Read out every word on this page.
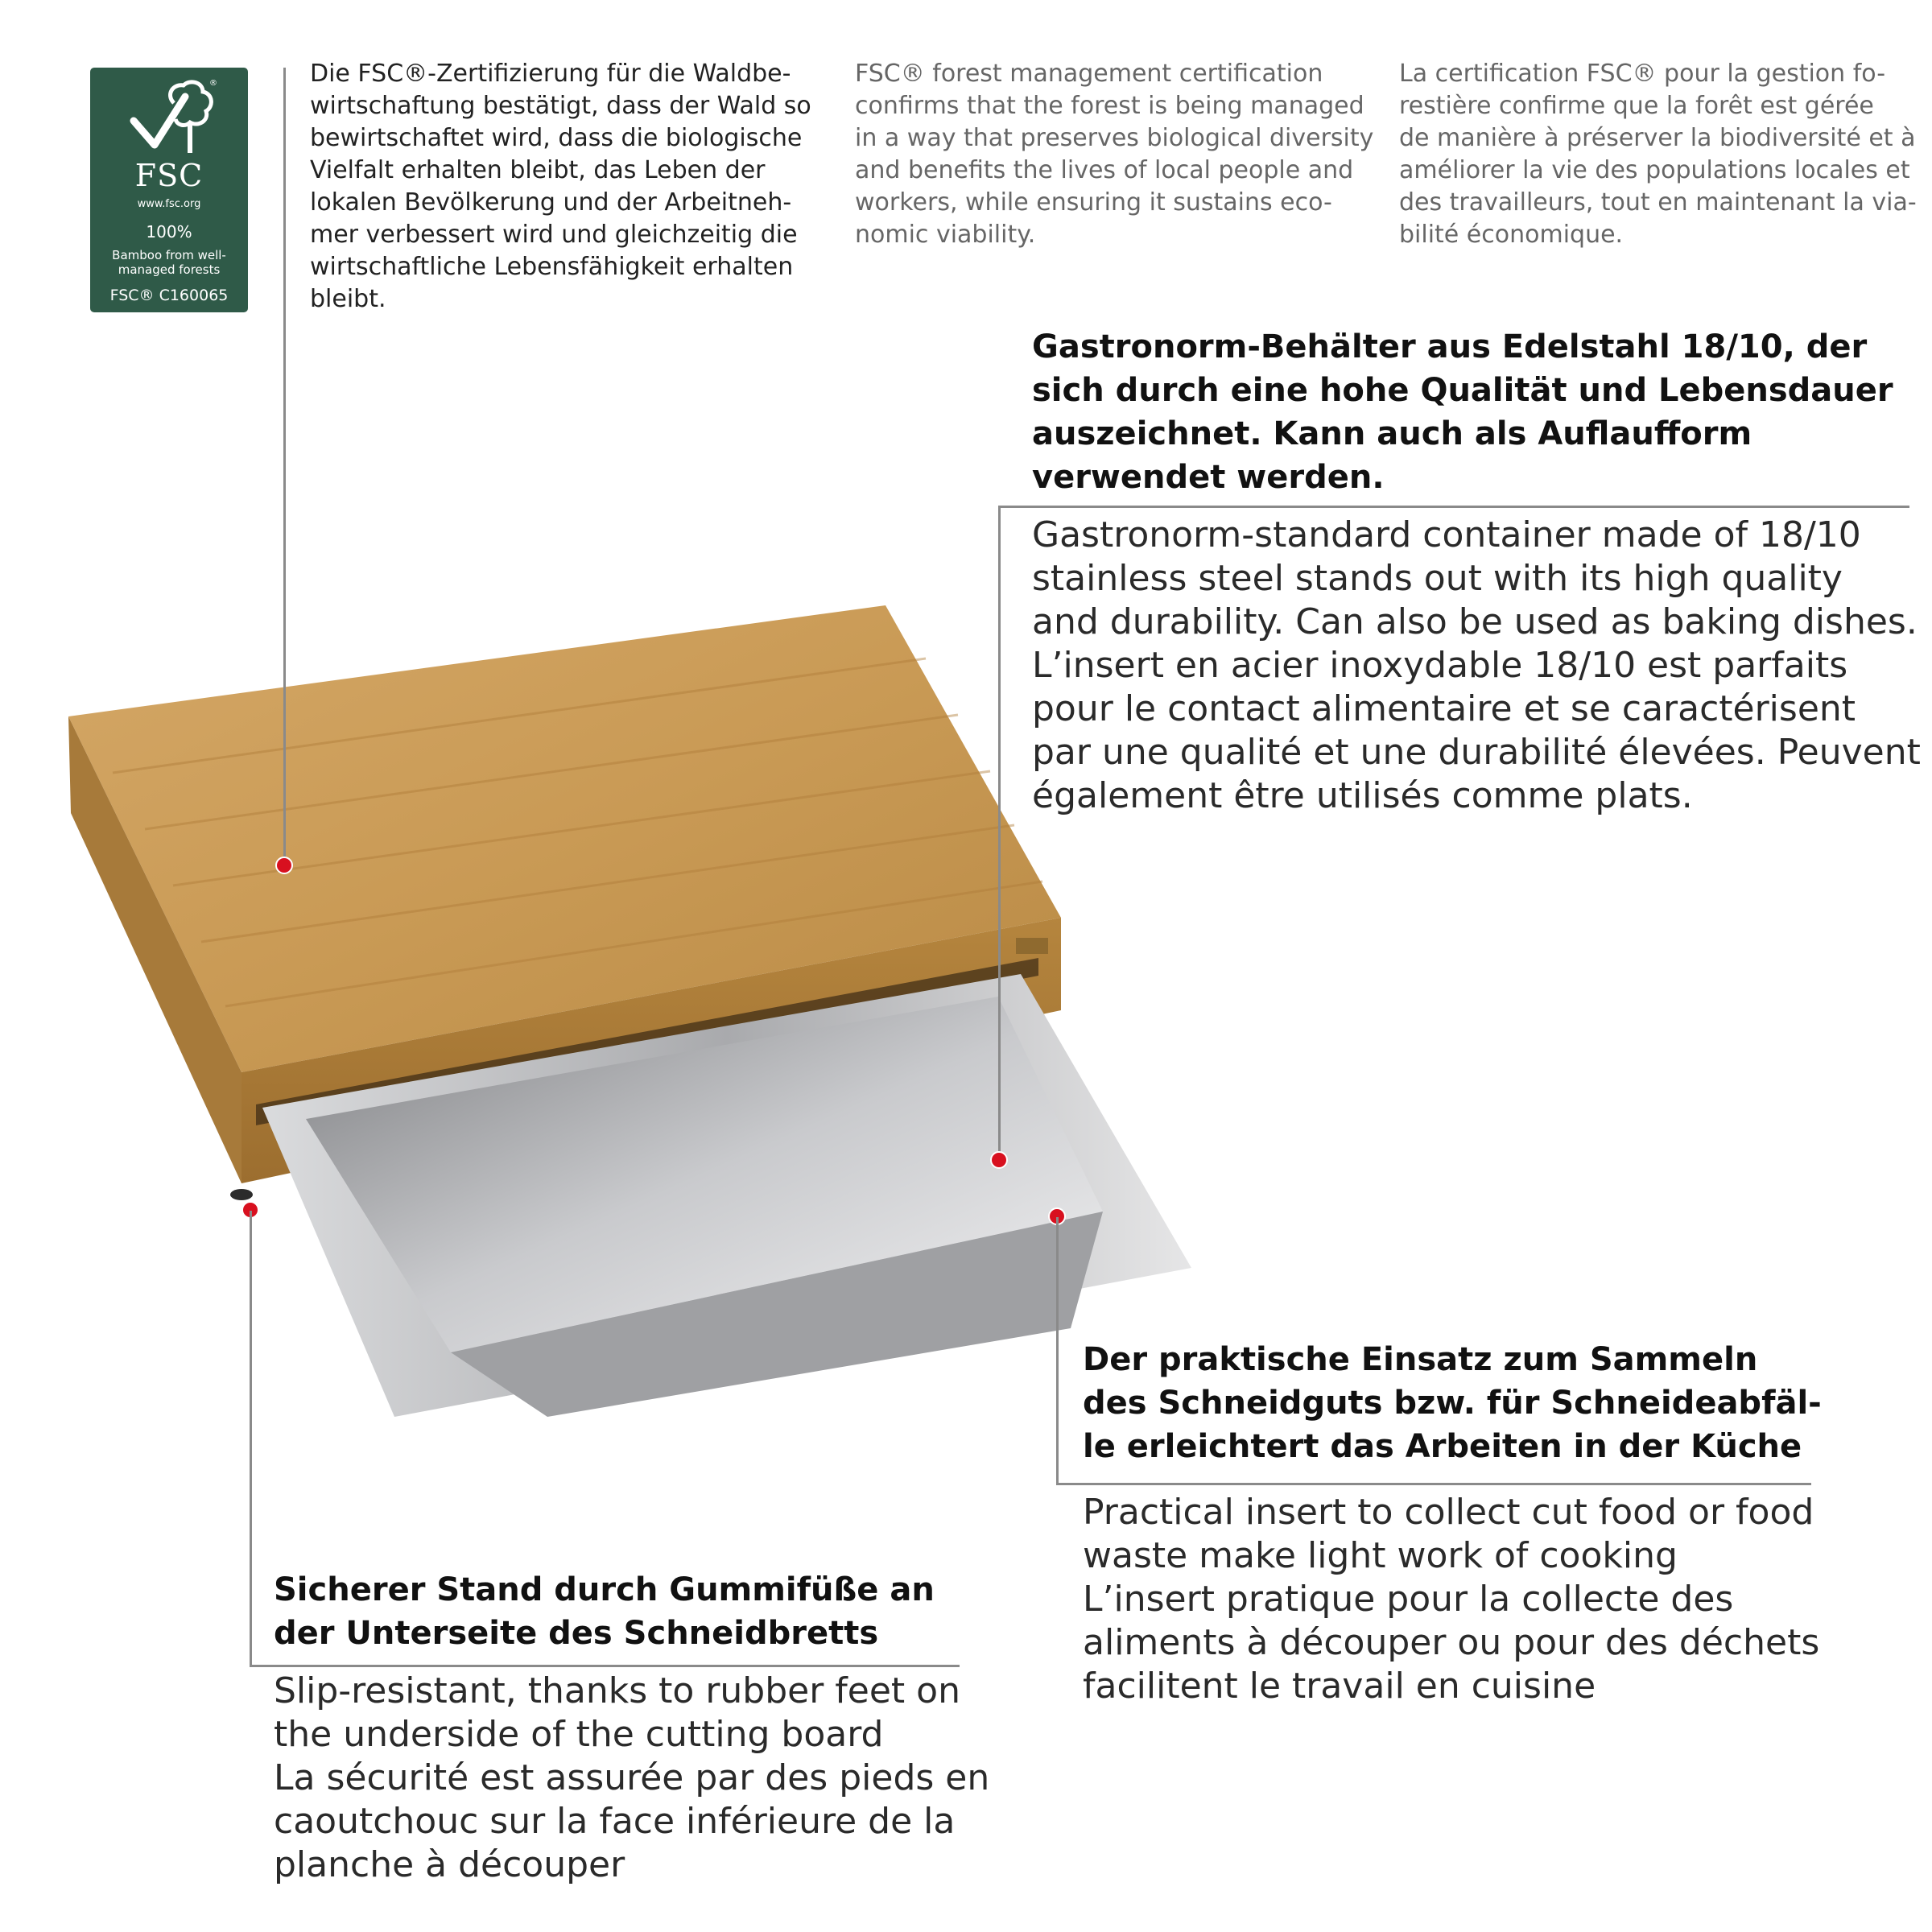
®
FSC
www.fsc.org
100%
Bamboo from well-
managed forests
FSC® C160065
Die FSC®-Zertifizierung für die Waldbe-
wirtschaftung bestätigt, dass der Wald so
bewirtschaftet wird, dass die biologische
Vielfalt erhalten bleibt, das Leben der
lokalen Bevölkerung und der Arbeitneh-
mer verbessert wird und gleichzeitig die
wirtschaftliche Lebensfähigkeit erhalten
bleibt.
FSC® forest management certification
confirms that the forest is being managed
in a way that preserves biological diversity
and benefits the lives of local people and
workers, while ensuring it sustains eco-
nomic viability.
La certification FSC® pour la gestion fo-
restière confirme que la forêt est gérée
de manière à préserver la biodiversité et à
améliorer la vie des populations locales et
des travailleurs, tout en maintenant la via-
bilité économique.
Gastronorm-Behälter aus Edelstahl 18/10, der
sich durch eine hohe Qualität und Lebensdauer
auszeichnet. Kann auch als Auflaufform
verwendet werden.
Gastronorm-standard container made of 18/10
stainless steel stands out with its high quality
and durability. Can also be used as baking dishes.
L’insert en acier inoxydable 18/10 est parfaits
pour le contact alimentaire et se caractérisent
par une qualité et une durabilité élevées. Peuvent
également être utilisés comme plats.
Der praktische Einsatz zum Sammeln
des Schneidguts bzw. für Schneideabfäl-
le erleichtert das Arbeiten in der Küche
Practical insert to collect cut food or food
waste make light work of cooking
L’insert pratique pour la collecte des
aliments à découper ou pour des déchets
facilitent le travail en cuisine
Sicherer Stand durch Gummifüße an
der Unterseite des Schneidbretts
Slip-resistant, thanks to rubber feet on
the underside of the cutting board
La sécurité est assurée par des pieds en
caoutchouc sur la face inférieure de la
planche à découper
